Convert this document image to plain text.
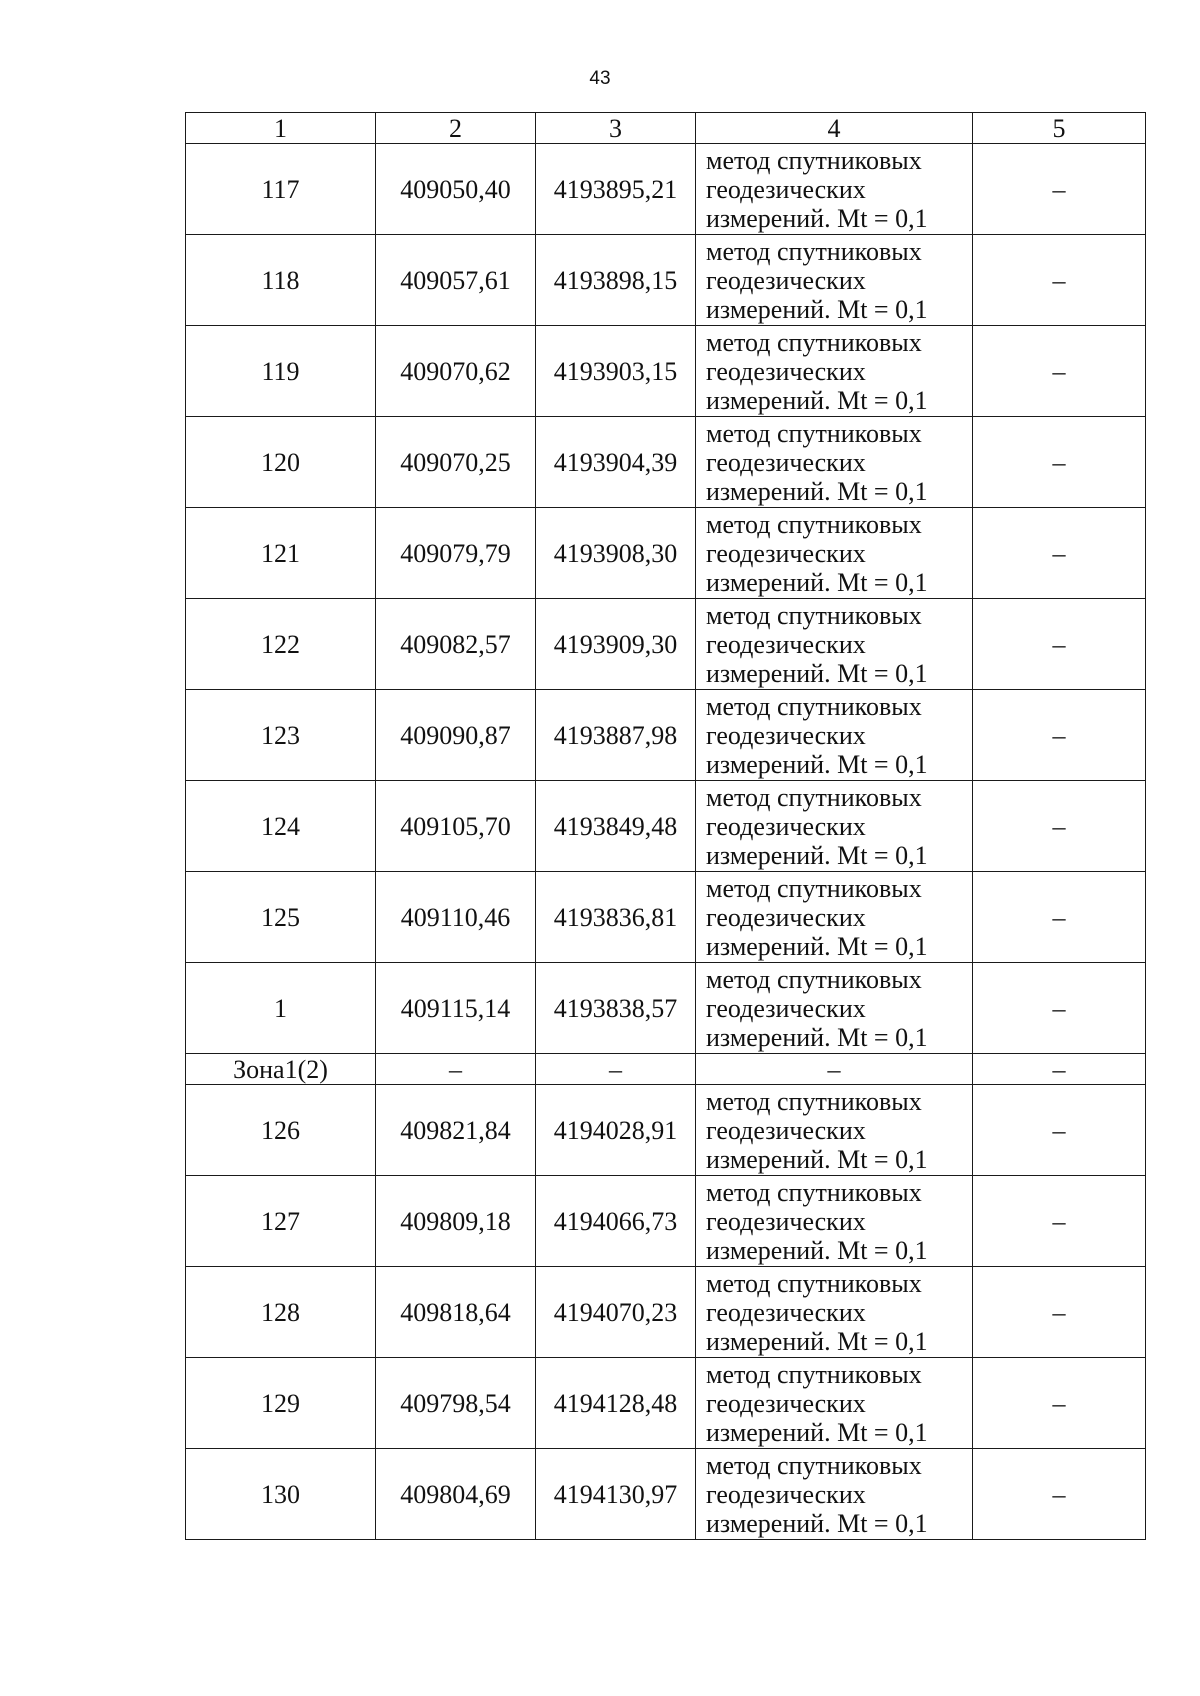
43
1	2	3	4	5
117	409050,40	4193895,21	метод спутниковых
геодезических
измерений. Mt = 0,1	–
118	409057,61	4193898,15	метод спутниковых
геодезических
измерений. Mt = 0,1	–
119	409070,62	4193903,15	метод спутниковых
геодезических
измерений. Mt = 0,1	–
120	409070,25	4193904,39	метод спутниковых
геодезических
измерений. Mt = 0,1	–
121	409079,79	4193908,30	метод спутниковых
геодезических
измерений. Mt = 0,1	–
122	409082,57	4193909,30	метод спутниковых
геодезических
измерений. Mt = 0,1	–
123	409090,87	4193887,98	метод спутниковых
геодезических
измерений. Mt = 0,1	–
124	409105,70	4193849,48	метод спутниковых
геодезических
измерений. Mt = 0,1	–
125	409110,46	4193836,81	метод спутниковых
геодезических
измерений. Mt = 0,1	–
1	409115,14	4193838,57	метод спутниковых
геодезических
измерений. Mt = 0,1	–
Зона1(2)	–	–	–	–
126	409821,84	4194028,91	метод спутниковых
геодезических
измерений. Mt = 0,1	–
127	409809,18	4194066,73	метод спутниковых
геодезических
измерений. Mt = 0,1	–
128	409818,64	4194070,23	метод спутниковых
геодезических
измерений. Mt = 0,1	–
129	409798,54	4194128,48	метод спутниковых
геодезических
измерений. Mt = 0,1	–
130	409804,69	4194130,97	метод спутниковых
геодезических
измерений. Mt = 0,1	–
